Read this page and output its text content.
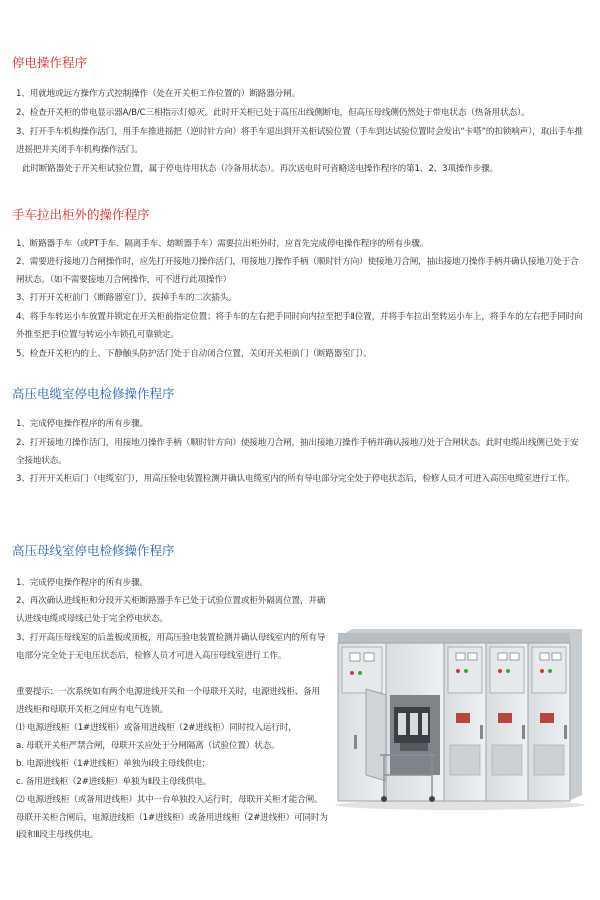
停电操作程序

1、用就地或远方操作方式控制操作（处在开关柜工作位置的）断路器分闸。

2、检查开关柜的带电显示器A/B/C三相指示灯熄灭。此时开关柜已处于高压出线侧断电，但高压母线侧仍然处于带电状态（热备用状态）。

3、打开手车机构操作活门，用手车推进摇把（逆时针方向）将手车退出到开关柜试验位置（手车到达试验位置时会发出“卡嗒”的扣锁响声），取出手车推进摇把并关闭手车机构操作活门。

此时断路器处于开关柜试验位置，属于停电待用状态（冷备用状态）。再次送电时可省略送电操作程序的第1、2、3项操作步骤。

手车拉出柜外的操作程序

1、断路器手车（或PT手车、隔离手车、熔断器手车）需要拉出柜外时，应首先完成停电操作程序的所有步骤。

2、需要进行接地刀合闸操作时，应先打开接地刀操作活门，用接地刀操作手柄（顺时针方向）使接地刀合闸，抽出接地刀操作手柄并确认接地刀处于合闸状态。（如不需要接地刀合闸操作，可不进行此项操作）

3、打开开关柜前门（断路器室门），拔掉手车的二次插头。

4、将手车转运小车放置并锁定在开关柜前指定位置；将手车的左右把手同时向内拉至把手Ⅱ位置，并将手车拉出至转运小车上，将手车的左右把手同时向外推至把手Ⅰ位置与转运小车锁孔可靠锁定。

5、检查开关柜内的上、下静触头防护活门处于自动闭合位置，关闭开关柜前门（断路器室门）。

高压电缆室停电检修操作程序

1、完成停电操作程序的所有步骤。

2、打开接地刀操作活门，用接地刀操作手柄（顺时针方向）使接地刀合闸，抽出接地刀操作手柄并确认接地刀处于合闸状态。此时电缆出线侧已处于安全接地状态。

3、打开开关柜后门（电缆室门），用高压验电装置检测并确认电缆室内的所有导电部分完全处于停电状态后，检修人员才可进入高压电缆室进行工作。

高压母线室停电检修操作程序

1、完成停电操作程序的所有步骤。

2、再次确认进线柜和分段开关柜断路器手车已处于试验位置或柜外隔离位置，并确认进线电缆或母线已处于完全停电状态。

3、打开高压母线室的后盖板或顶板，用高压验电装置检测并确认母线室内的所有导电部分完全处于无电压状态后，检修人员才可进入高压母线室进行工作。

重要提示：一次系统如有两个电源进线开关和一个母联开关时，电源进线柜、备用进线柜和母联开关柜之间应有电气连锁。

⑴ 电源进线柜（1#进线柜）或备用进线柜（2#进线柜）同时投入运行时，

a. 母联开关柜严禁合闸，母联开关应处于分闸隔离（试验位置）状态。

b. 电源进线柜（1#进线柜）单独为Ⅰ段主母线供电；

c. 备用进线柜（2#进线柜）单独为Ⅱ段主母线供电。

⑵ 电源进线柜（或备用进线柜）其中一台单独投入运行时，母联开关柜才能合闸。母联开关柜合闸后，电源进线柜（1#进线柜）或备用进线柜（2#进线柜）可同时为Ⅰ段和Ⅱ段主母线供电。
